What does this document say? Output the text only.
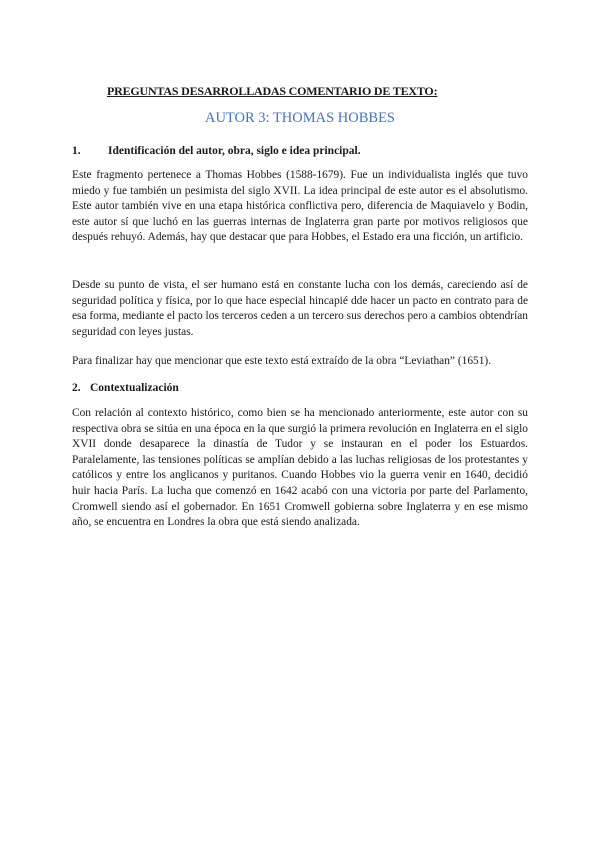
PREGUNTAS DESARROLLADAS COMENTARIO DE TEXTO:
AUTOR 3: THOMAS HOBBES
1. Identificación del autor, obra, siglo e idea principal.

Este fragmento pertenece a Thomas Hobbes (1588-1679). Fue un individualista inglés que tuvo miedo y fue también un pesimista del siglo XVII. La idea principal de este autor es el absolutismo. Este autor también vive en una etapa histórica conflictiva pero, diferencia de Maquiavelo y Bodin, este autor sí que luchó en las guerras internas de Inglaterra gran parte por motivos religiosos que después rehuyó. Además, hay que destacar que para Hobbes, el Estado era una ficción, un artificio.

Desde su punto de vista, el ser humano está en constante lucha con los demás, careciendo así de seguridad política y física, por lo que hace especial hincapié dde hacer un pacto en contrato para de esa forma, mediante el pacto los terceros ceden a un tercero sus derechos pero a cambios obtendrían seguridad con leyes justas.

Para finalizar hay que mencionar que este texto está extraído de la obra “Leviathan” (1651).

2. Contextualización

Con relación al contexto histórico, como bien se ha mencionado anteriormente, este autor con su respectiva obra se sitúa en una época en la que surgió la primera revolución en Inglaterra en el siglo XVII donde desaparece la dinastía de Tudor y se instauran en el poder los Estuardos. Paralelamente, las tensiones políticas se amplían debido a las luchas religiosas de los protestantes y católicos y entre los anglicanos y puritanos. Cuando Hobbes vio la guerra venir en 1640, decidió huir hacia París. La lucha que comenzó en 1642 acabó con una victoria por parte del Parlamento, Cromwell siendo así el gobernador. En 1651 Cromwell gobierna sobre Inglaterra y en ese mismo año, se encuentra en Londres la obra que está siendo analizada.
